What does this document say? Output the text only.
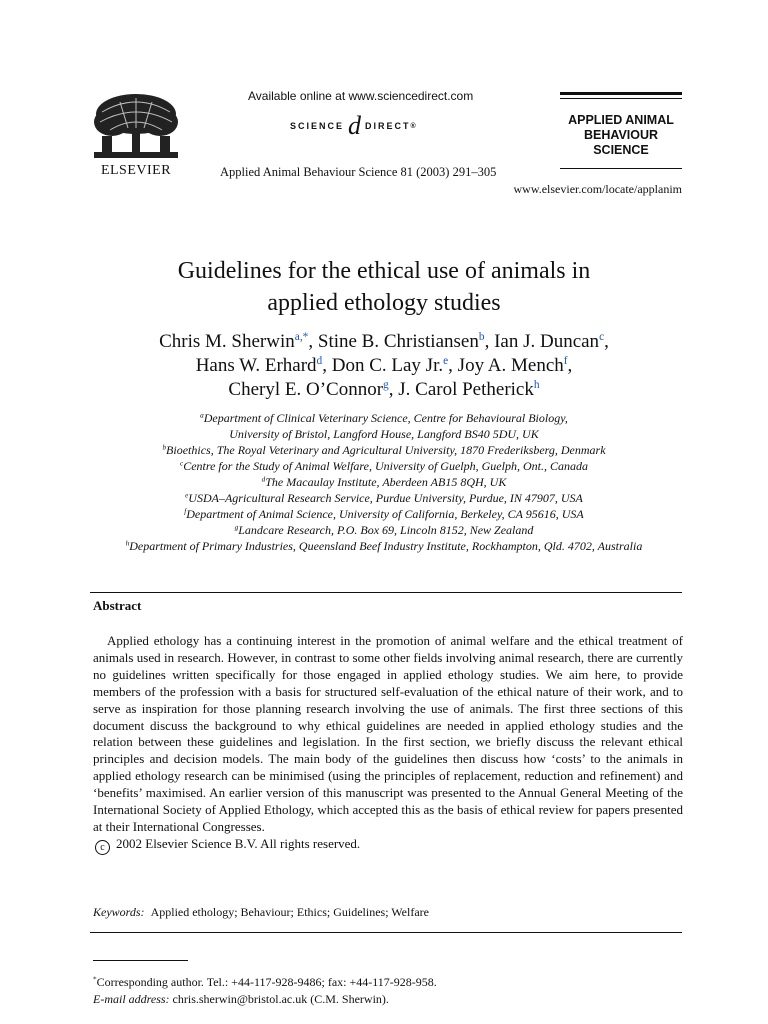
ELSEVIER
Available online at www.sciencedirect.com
SCIENCE d DIRECT ®
Applied Animal Behaviour Science 81 (2003) 291–305
www.elsevier.com/locate/applanim
APPLIED ANIMAL
BEHAVIOUR
SCIENCE
Guidelines for the ethical use of animals in
applied ethology studies
Chris M. Sherwin$^{a,*}$, Stine B. Christiansen$^b$, Ian J. Duncan$^c$,
Hans W. Erhard$^d$, Don C. Lay Jr.$^e$, Joy A. Mench$^f$,
Cheryl E. O’Connor$^g$, J. Carol Petherick$^h$
$^a$Department of Clinical Veterinary Science, Centre for Behavioural Biology,
University of Bristol, Langford House, Langford BS40 5DU, UK
$^b$Bioethics, The Royal Veterinary and Agricultural University, 1870 Frederiksberg, Denmark
$^c$Centre for the Study of Animal Welfare, University of Guelph, Guelph, Ont., Canada
$^d$The Macaulay Institute, Aberdeen AB15 8QH, UK
$^e$USDA–Agricultural Research Service, Purdue University, Purdue, IN 47907, USA
$^f$Department of Animal Science, University of California, Berkeley, CA 95616, USA
$^g$Landcare Research, P.O. Box 69, Lincoln 8152, New Zealand
$^h$Department of Primary Industries, Queensland Beef Industry Institute, Rockhampton, Qld. 4702, Australia
Abstract
Applied ethology has a continuing interest in the promotion of animal welfare and the ethical treatment of animals used in research. However, in contrast to some other fields involving animal research, there are currently no guidelines written specifically for those engaged in applied ethology studies. We aim here, to provide members of the profession with a basis for structured self-evaluation of the ethical nature of their work, and to serve as inspiration for those planning research involving the use of animals. The first three sections of this document discuss the background to why ethical guidelines are needed in applied ethology studies and the relation between these guidelines and legislation. In the first section, we briefly discuss the relevant ethical principles and decision models. The main body of the guidelines then discuss how ‘costs’ to the animals in applied ethology research can be minimised (using the principles of replacement, reduction and refinement) and ‘benefits’ maximised. An earlier version of this manuscript was presented to the Annual General Meeting of the International Society of Applied Ethology, which accepted this as the basis of ethical review for papers presented at their International Congresses.
c 2002 Elsevier Science B.V. All rights reserved.
Keywords: Applied ethology; Behaviour; Ethics; Guidelines; Welfare
*Corresponding author. Tel.: +44-117-928-9486; fax: +44-117-928-958.
E-mail address: chris.sherwin@bristol.ac.uk (C.M. Sherwin).
